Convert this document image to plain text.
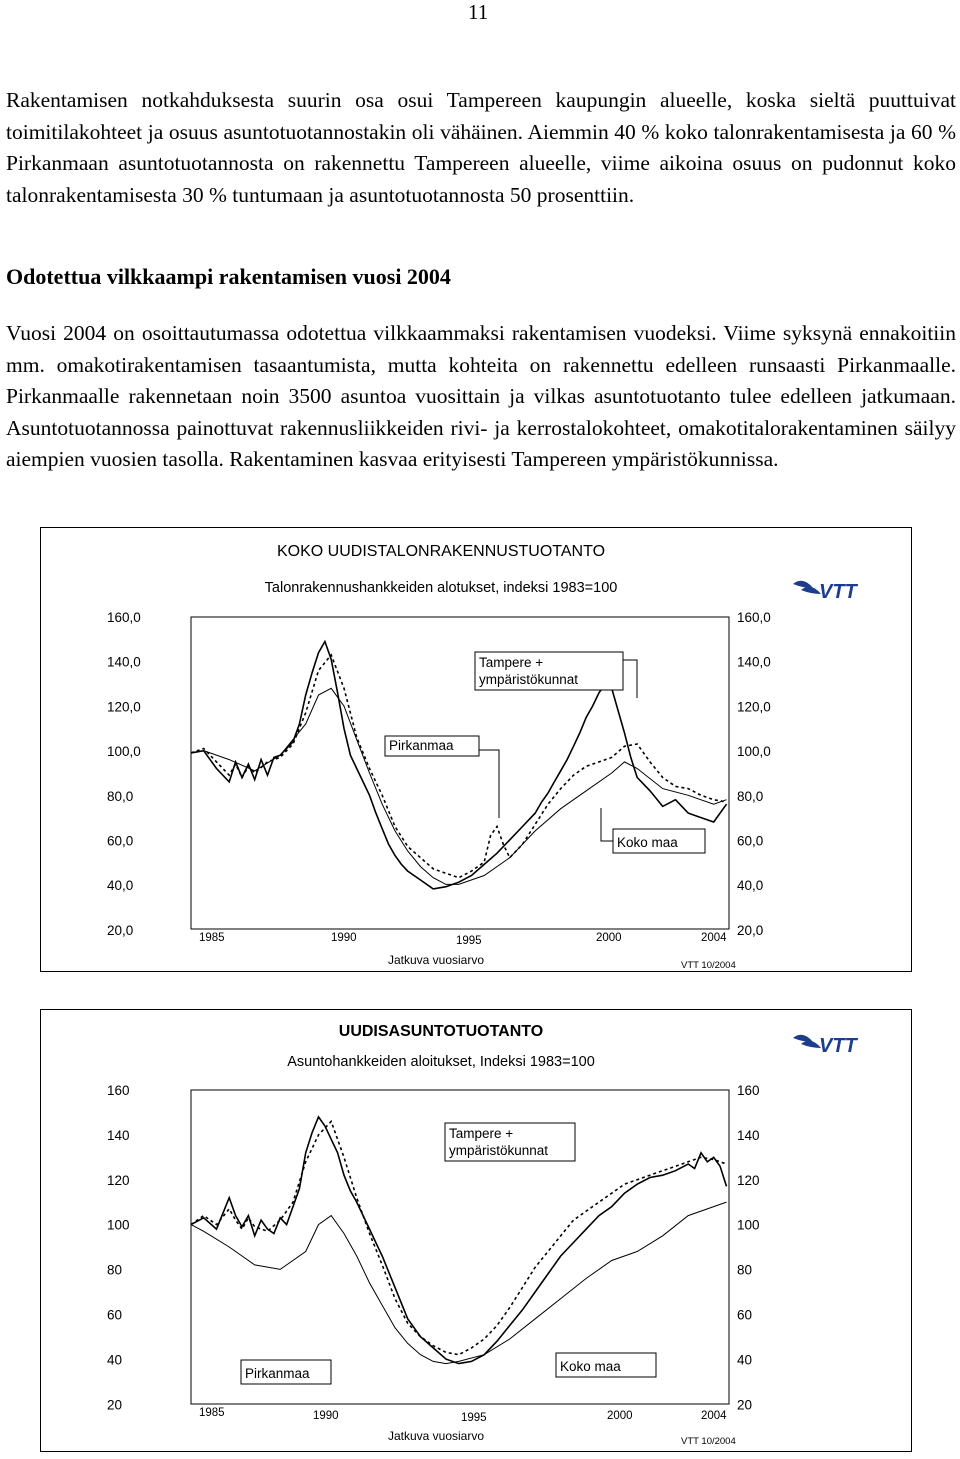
11
Rakentamisen notkahduksesta suurin osa osui Tampereen kaupungin alueelle, koska sieltä puuttuivat toimitilakohteet ja osuus asuntotuotannostakin oli vähäinen. Aiemmin 40 % koko talonrakentamisesta ja 60 % Pirkanmaan asuntotuotannosta on rakennettu Tampereen alueelle, viime aikoina osuus on pudonnut koko talonrakentamisesta 30 % tuntumaan ja asuntotuotannosta 50 prosenttiin.
Odotettua vilkkaampi rakentamisen vuosi 2004
Vuosi 2004 on osoittautumassa odotettua vilkkaammaksi rakentamisen vuodeksi. Viime syksynä ennakoitiin mm. omakotirakentamisen tasaantumista, mutta kohteita on rakennettu edelleen runsaasti Pirkanmaalle. Pirkanmaalle rakennetaan noin 3500 asuntoa vuosittain ja vilkas asuntotuotanto tulee edelleen jatkumaan. Asuntotuotannossa painottuvat rakennusliikkeiden rivi- ja kerrostalokohteet, omakotitalorakentaminen säilyy aiempien vuosien tasolla. Rakentaminen kasvaa erityisesti Tampereen ympäristökunnissa.
KOKO UUDISTALONRAKENNUSTUOTANTO
Talonrakennushankkeiden alotukset, indeksi 1983=100
160,0	160,0
140,0	140,0
120,0	120,0
100,0	100,0
80,0	80,0
60,0	60,0
40,0	40,0
20,0	20,0
1985	1990	1995	2000	2004
Jatkuva vuosiarvo	VTT 10/2004
VTT
Tampere + ympäristökunnat
Pirkanmaa
Koko maa
UUDISASUNTOTUOTANTO
Asuntohankkeiden aloitukset, Indeksi 1983=100
160	160
140	140
120	120
100	100
80	80
60	60
40	40
20	20
1985	1990	1995	2000	2004
Jatkuva vuosiarvo	VTT 10/2004
VTT
Tampere + ympäristökunnat
Pirkanmaa	Koko maa
